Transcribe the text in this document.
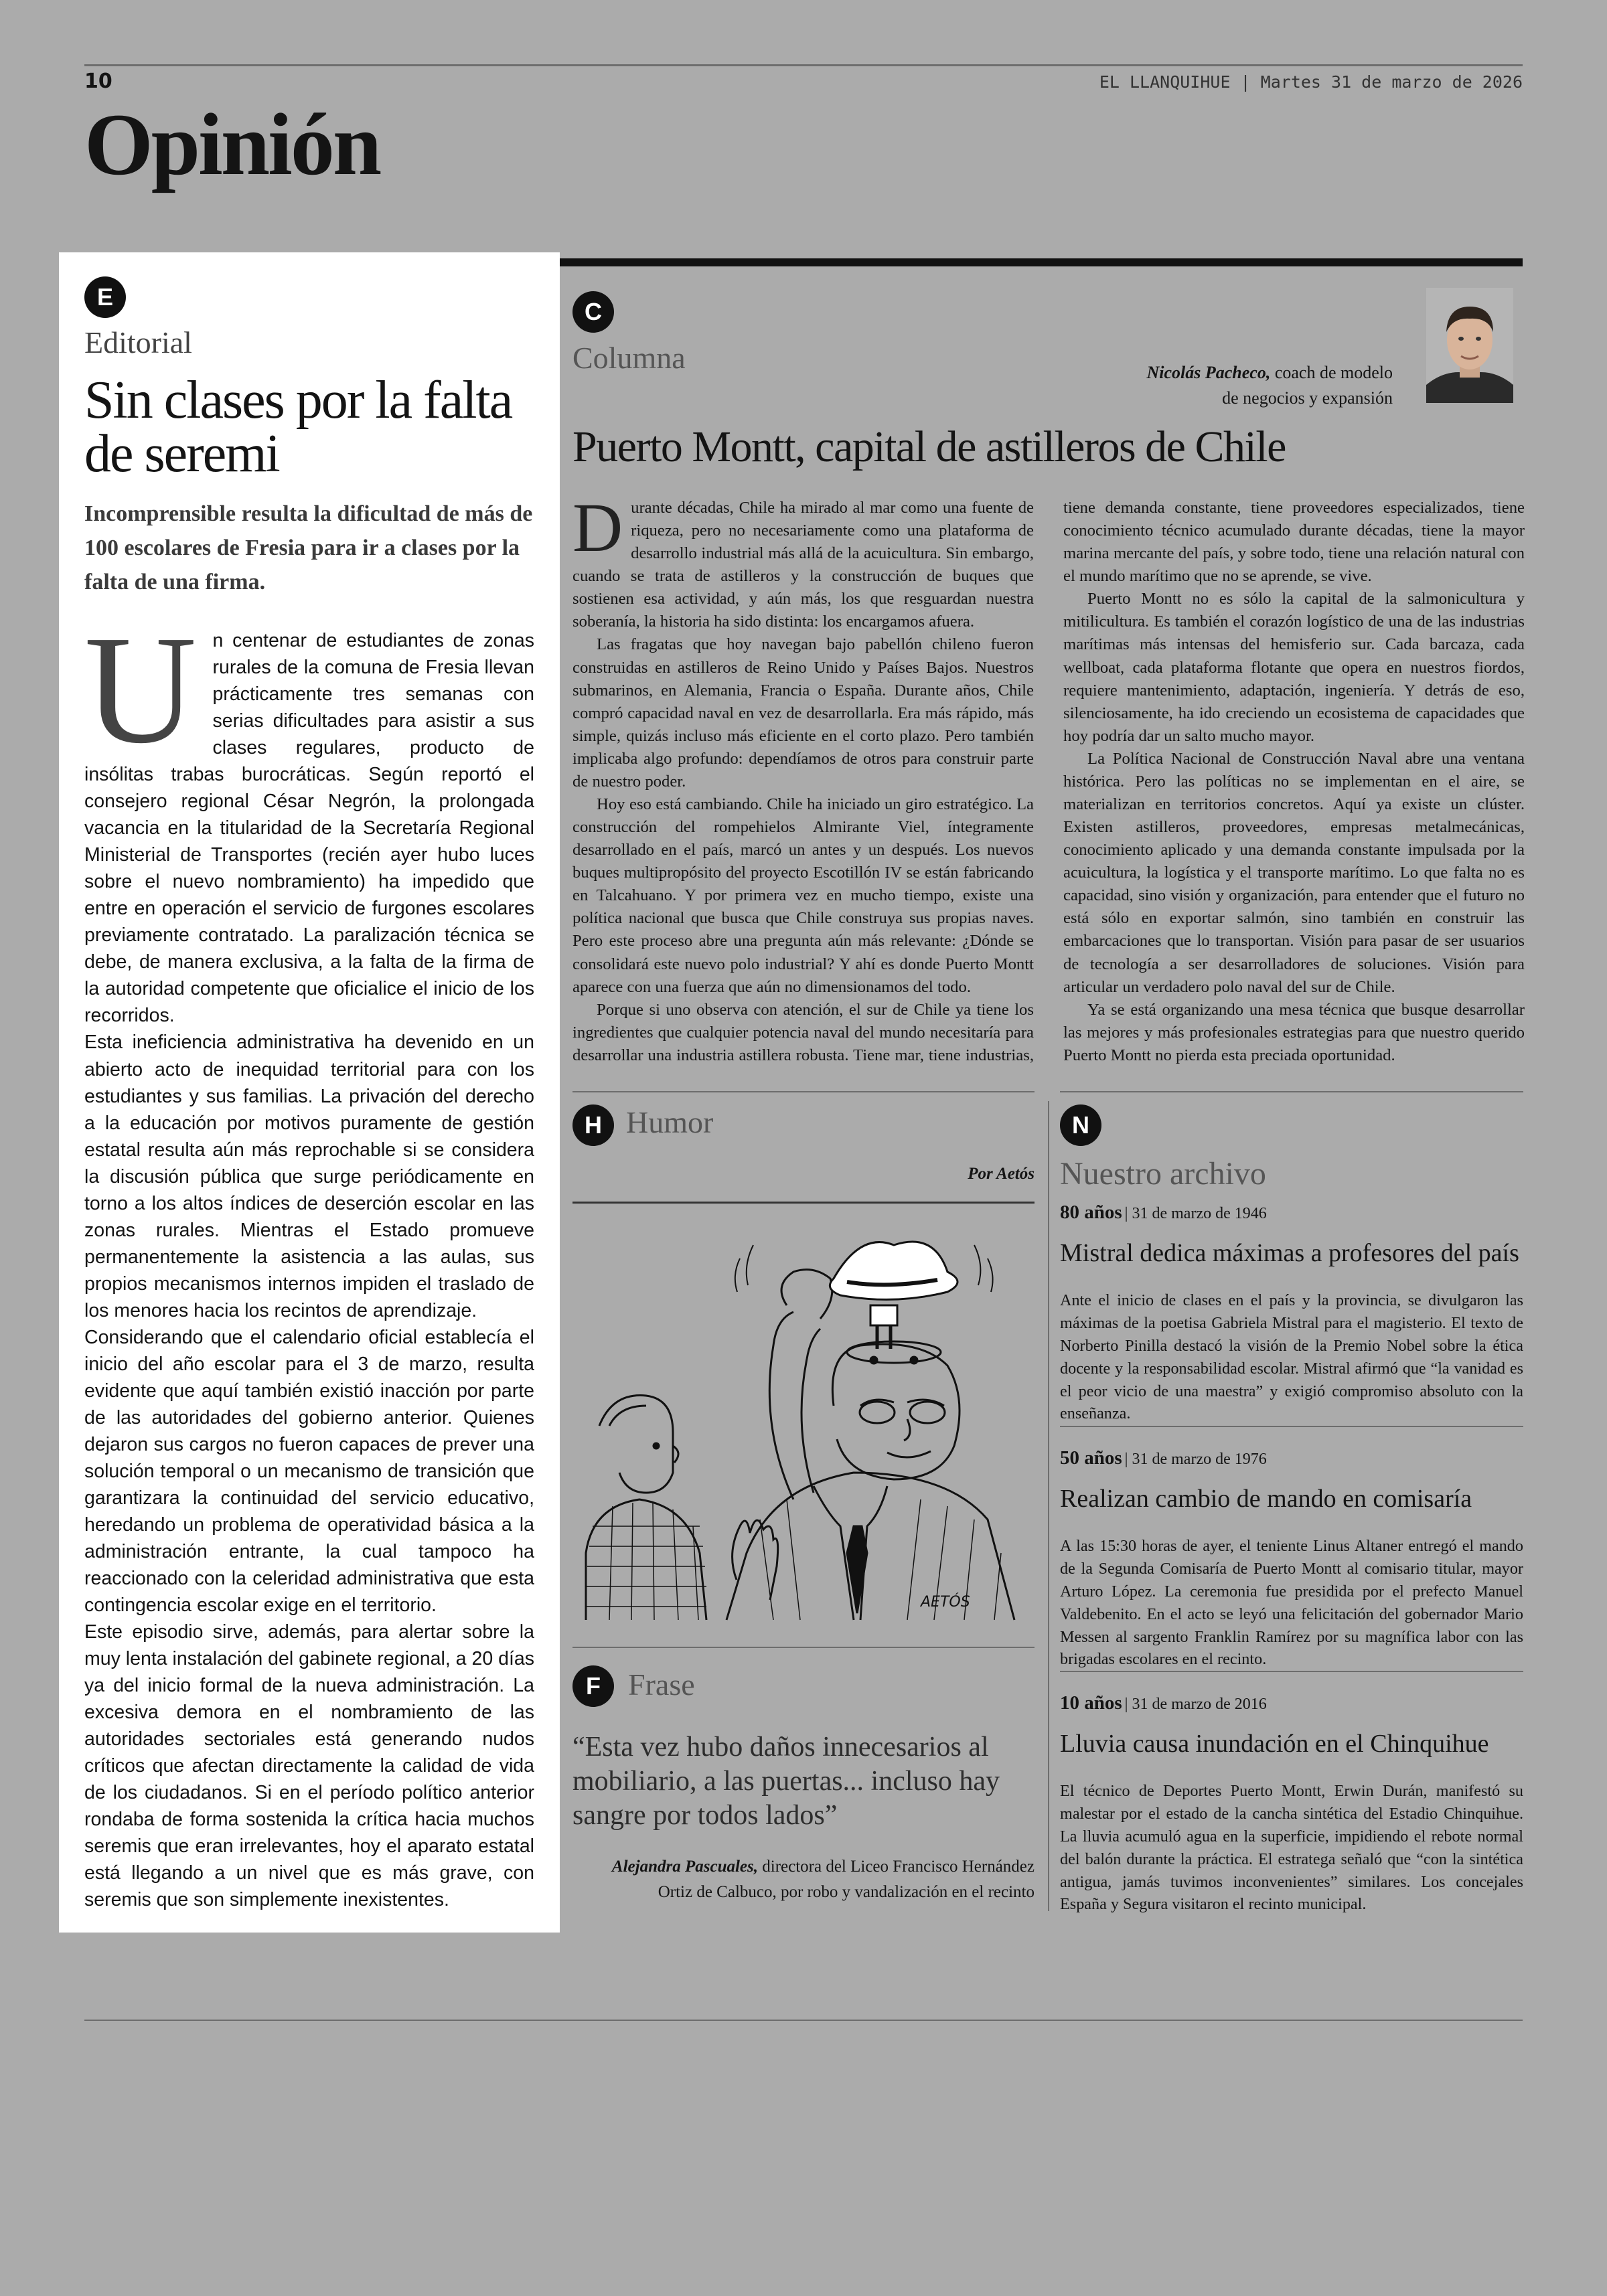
10	EL LLANQUIHUE | Martes 31 de marzo de 2026
Opinión
E
Editorial
Sin clases por la falta de seremi
Incomprensible resulta la dificultad de más de 100 escolares de Fresia para ir a clases por la falta de una firma.
U n centenar de estudiantes de zonas rurales de la comuna de Fresia llevan prácticamente tres semanas con serias dificultades para asistir a sus clases regulares, producto de insólitas trabas burocráticas. Según reportó el consejero regional César Negrón, la prolongada vacancia en la titularidad de la Secretaría Regional Ministerial de Transportes (recién ayer hubo luces sobre el nuevo nombramiento) ha impedido que entre en operación el servicio de furgones escolares previamente contratado. La paralización técnica se debe, de manera exclusiva, a la falta de la firma de la autoridad competente que oficialice el inicio de los recorridos.

Esta ineficiencia administrativa ha devenido en un abierto acto de inequidad territorial para con los estudiantes y sus familias. La privación del derecho a la educación por motivos puramente de gestión estatal resulta aún más reprochable si se considera la discusión pública que surge periódicamente en torno a los altos índices de deserción escolar en las zonas rurales. Mientras el Estado promueve permanentemente la asistencia a las aulas, sus propios mecanismos internos impiden el traslado de los menores hacia los recintos de aprendizaje.

Considerando que el calendario oficial establecía el inicio del año escolar para el 3 de marzo, resulta evidente que aquí también existió inacción por parte de las autoridades del gobierno anterior. Quienes dejaron sus cargos no fueron capaces de prever una solución temporal o un mecanismo de transición que garantizara la continuidad del servicio educativo, heredando un problema de operatividad básica a la administración entrante, la cual tampoco ha reaccionado con la celeridad administrativa que esta contingencia escolar exige en el territorio.

Este episodio sirve, además, para alertar sobre la muy lenta instalación del gabinete regional, a 20 días ya del inicio formal de la nueva administración. La excesiva demora en el nombramiento de las autoridades sectoriales está generando nudos críticos que afectan directamente la calidad de vida de los ciudadanos. Si en el período político anterior rondaba de forma sostenida la crítica hacia muchos seremis que eran irrelevantes, hoy el aparato estatal está llegando a un nivel que es más grave, con seremis que son simplemente inexistentes.

C
Columna	Nicolás Pacheco, coach de modelo
de negocios y expansión
Puerto Montt, capital de astilleros de Chile
D urante décadas, Chile ha mirado al mar como una fuente de riqueza, pero no necesariamente como una plataforma de desarrollo industrial más allá de la acuicultura. Sin embargo, cuando se trata de astilleros y la construcción de buques que sostienen esa actividad, y aún más, los que resguardan nuestra soberanía, la historia ha sido distinta: los encargamos afuera.

Las fragatas que hoy navegan bajo pabellón chileno fueron construidas en astilleros de Reino Unido y Países Bajos. Nuestros submarinos, en Alemania, Francia o España. Durante años, Chile compró capacidad naval en vez de desarrollarla. Era más rápido, más simple, quizás incluso más eficiente en el corto plazo. Pero también implicaba algo profundo: dependíamos de otros para construir parte de nuestro poder.

Hoy eso está cambiando. Chile ha iniciado un giro estratégico. La construcción del rompehielos Almirante Viel, íntegramente desarrollado en el país, marcó un antes y un después. Los nuevos buques multipropósito del proyecto Escotillón IV se están fabricando en Talcahuano. Y por primera vez en mucho tiempo, existe una política nacional que busca que Chile construya sus propias naves. Pero este proceso abre una pregunta aún más relevante: ¿Dónde se consolidará este nuevo polo industrial? Y ahí es donde Puerto Montt aparece con una fuerza que aún no dimensionamos del todo.

Porque si uno observa con atención, el sur de Chile ya tiene los ingredientes que cualquier potencia naval del mundo necesitaría para desarrollar una industria astillera robusta. Tiene mar, tiene industrias, tiene demanda constante, tiene proveedores especializados, tiene conocimiento técnico acumulado durante décadas, tiene la mayor marina mercante del país, y sobre todo, tiene una relación natural con el mundo marítimo que no se aprende, se vive.

Puerto Montt no es sólo la capital de la salmonicultura y mitilicultura. Es también el corazón logístico de una de las industrias marítimas más intensas del hemisferio sur. Cada barcaza, cada wellboat, cada plataforma flotante que opera en nuestros fiordos, requiere mantenimiento, adaptación, ingeniería. Y detrás de eso, silenciosamente, ha ido creciendo un ecosistema de capacidades que hoy podría dar un salto mucho mayor.

La Política Nacional de Construcción Naval abre una ventana histórica. Pero las políticas no se implementan en el aire, se materializan en territorios concretos. Aquí ya existe un clúster. Existen astilleros, proveedores, empresas metalmecánicas, conocimiento aplicado y una demanda constante impulsada por la acuicultura, la logística y el transporte marítimo. Lo que falta no es capacidad, sino visión y organización, para entender que el futuro no está sólo en exportar salmón, sino también en construir las embarcaciones que lo transportan. Visión para pasar de ser usuarios de tecnología a ser desarrolladores de soluciones. Visión para articular un verdadero polo naval del sur de Chile.

Ya se está organizando una mesa técnica que busque desarrollar las mejores y más profesionales estrategias para que nuestro querido Puerto Montt no pierda esta preciada oportunidad.

H Humor
Por Aetós
AETÓS
F Frase
“Esta vez hubo daños innecesarios al mobiliario, a las puertas... incluso hay sangre por todos lados”
Alejandra Pascuales, directora del Liceo Francisco Hernández
Ortiz de Calbuco, por robo y vandalización en el recinto
N
Nuestro archivo
80 años | 31 de marzo de 1946
Mistral dedica máximas a profesores del país
Ante el inicio de clases en el país y la provincia, se divulgaron las máximas de la poetisa Gabriela Mistral para el magisterio. El texto de Norberto Pinilla destacó la visión de la Premio Nobel sobre la ética docente y la responsabilidad escolar. Mistral afirmó que “la vanidad es el peor vicio de una maestra” y exigió compromiso absoluto con la enseñanza.
50 años | 31 de marzo de 1976
Realizan cambio de mando en comisaría
A las 15:30 horas de ayer, el teniente Linus Altaner entregó el mando de la Segunda Comisaría de Puerto Montt al comisario titular, mayor Arturo López. La ceremonia fue presidida por el prefecto Manuel Valdebenito. En el acto se leyó una felicitación del gobernador Mario Messen al sargento Franklin Ramírez por su magnífica labor con las brigadas escolares en el recinto.
10 años | 31 de marzo de 2016
Lluvia causa inundación en el Chinquihue
El técnico de Deportes Puerto Montt, Erwin Durán, manifestó su malestar por el estado de la cancha sintética del Estadio Chinquihue. La lluvia acumuló agua en la superficie, impidiendo el rebote normal del balón durante la práctica. El estratega señaló que “con la sintética antigua, jamás tuvimos inconvenientes” similares. Los concejales España y Segura visitaron el recinto municipal.
